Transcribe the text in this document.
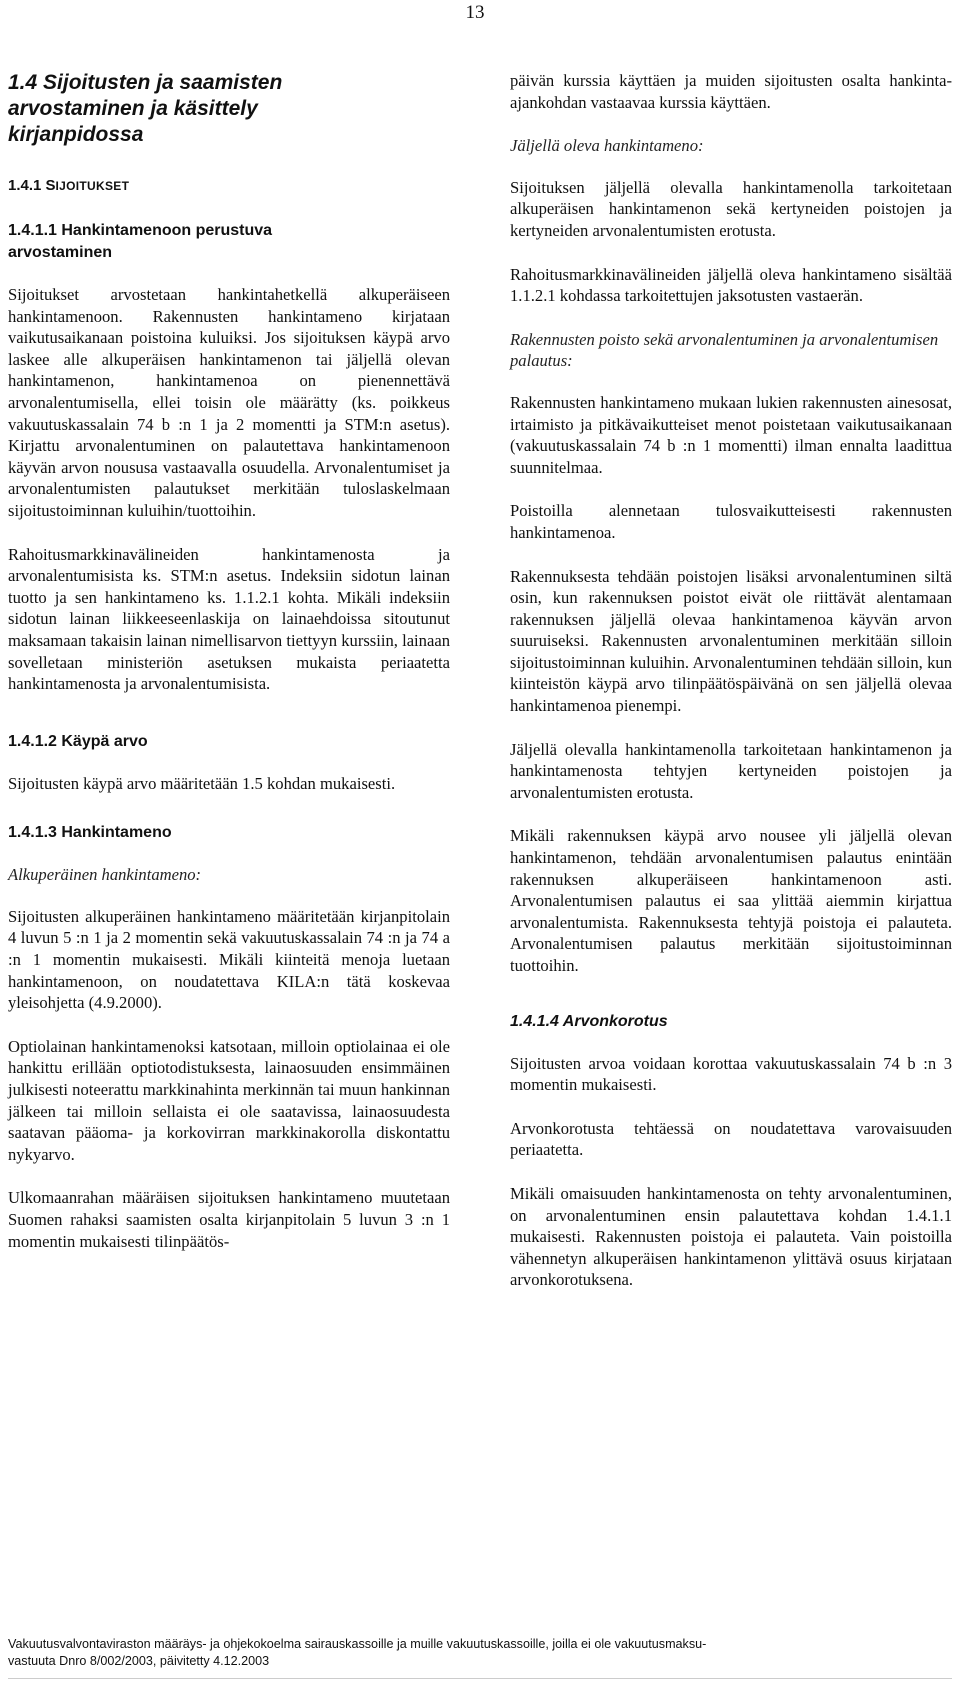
13
1.4 Sijoitusten ja saamisten
arvostaminen ja käsittely
kirjanpidossa
1.4.1 SIJOITUKSET
1.4.1.1 Hankintamenoon perustuva
arvostaminen

Sijoitukset arvostetaan hankintahetkellä alkuperäiseen hankintamenoon. Rakennusten hankintameno kirjataan vaikutusaikanaan poistoina kuluiksi. Jos sijoituksen käypä arvo laskee alle alkuperäisen hankintamenon tai jäljellä olevan hankintamenon, hankintamenoa on pienennettävä arvonalentumisella, ellei toisin ole määrätty (ks. poikkeus vakuutuskassalain 74 b :n 1 ja 2 momentti ja STM:n asetus). Kirjattu arvonalentuminen on palautettava hankintamenoon käyvän arvon noususa vastaavalla osuudella. Arvonalentumiset ja arvonalentumisten palautukset merkitään tuloslaskelmaan sijoitustoiminnan kuluihin/tuottoihin.

Rahoitusmarkkinavälineiden hankintamenosta ja arvonalentumisista ks. STM:n asetus. Indeksiin sidotun lainan tuotto ja sen hankintameno ks. 1.1.2.1 kohta. Mikäli indeksiin sidotun lainan liikkeeseenlaskija on lainaehdoissa sitoutunut maksamaan takaisin lainan nimellisarvon tiettyyn kurssiin, lainaan sovelletaan ministeriön asetuksen mukaista periaatetta hankintamenosta ja arvonalentumisista.

1.4.1.2 Käypä arvo

Sijoitusten käypä arvo määritetään 1.5 kohdan mukaisesti.

1.4.1.3 Hankintameno
Alkuperäinen hankintameno:

Sijoitusten alkuperäinen hankintameno määritetään kirjanpitolain 4 luvun 5 :n 1 ja 2 momentin sekä vakuutuskassalain 74 :n ja 74 a :n 1 momentin mukaisesti. Mikäli kiinteitä menoja luetaan hankintamenoon, on noudatettava KILA:n tätä koskevaa yleisohjetta (4.9.2000).

Optiolainan hankintamenoksi katsotaan, milloin optiolainaa ei ole hankittu erillään optiotodistuksesta, lainaosuuden ensimmäinen julkisesti noteerattu markkinahinta merkinnän tai muun hankinnan jälkeen tai milloin sellaista ei ole saatavissa, lainaosuudesta saatavan pääoma- ja korkovirran markkinakorolla diskontattu nykyarvo.

Ulkomaanrahan määräisen sijoituksen hankintameno muutetaan Suomen rahaksi saamisten osalta kirjanpitolain 5 luvun 3 :n 1 momentin mukaisesti tilinpäätös-

päivän kurssia käyttäen ja muiden sijoitusten osalta hankinta-ajankohdan vastaavaa kurssia käyttäen.

Jäljellä oleva hankintameno:

Sijoituksen jäljellä olevalla hankintamenolla tarkoitetaan alkuperäisen hankintamenon sekä kertyneiden poistojen ja kertyneiden arvonalentumisten erotusta.

Rahoitusmarkkinavälineiden jäljellä oleva hankintameno sisältää 1.1.2.1 kohdassa tarkoitettujen jaksotusten vastaerän.

Rakennusten poisto sekä arvonalentuminen ja arvonalentumisen palautus:

Rakennusten hankintameno mukaan lukien rakennusten ainesosat, irtaimisto ja pitkävaikutteiset menot poistetaan vaikutusaikanaan (vakuutuskassalain 74 b :n 1 momentti) ilman ennalta laadittua suunnitelmaa.

Poistoilla alennetaan tulosvaikutteisesti rakennusten hankintamenoa.

Rakennuksesta tehdään poistojen lisäksi arvonalentuminen siltä osin, kun rakennuksen poistot eivät ole riittävät alentamaan rakennuksen jäljellä olevaa hankintamenoa käyvän arvon suuruiseksi. Rakennusten arvonalentuminen merkitään silloin sijoitustoiminnan kuluihin. Arvonalentuminen tehdään silloin, kun kiinteistön käypä arvo tilinpäätöspäivänä on sen jäljellä olevaa hankintamenoa pienempi.

Jäljellä olevalla hankintamenolla tarkoitetaan hankintamenon ja hankintamenosta tehtyjen kertyneiden poistojen ja arvonalentumisten erotusta.

Mikäli rakennuksen käypä arvo nousee yli jäljellä olevan hankintamenon, tehdään arvonalentumisen palautus enintään rakennuksen alkuperäiseen hankintamenoon asti. Arvonalentumisen palautus ei saa ylittää aiemmin kirjattua arvonalentumista. Rakennuksesta tehtyjä poistoja ei palauteta. Arvonalentumisen palautus merkitään sijoitustoiminnan tuottoihin.

1.4.1.4 Arvonkorotus

Sijoitusten arvoa voidaan korottaa vakuutuskassalain 74 b :n 3 momentin mukaisesti.

Arvonkorotusta tehtäessä on noudatettava varovaisuuden periaatetta.

Mikäli omaisuuden hankintamenosta on tehty arvonalentuminen, on arvonalentuminen ensin palautettava kohdan 1.4.1.1 mukaisesti. Rakennusten poistoja ei palauteta. Vain poistoilla vähennetyn alkuperäisen hankintamenon ylittävä osuus kirjataan arvonkorotuksena.

Vakuutusvalvontaviraston määräys- ja ohjekokoelma sairauskassoille ja muille vakuutuskassoille, joilla ei ole vakuutusmaksu-
vastuuta Dnro 8/002/2003, päivitetty 4.12.2003
